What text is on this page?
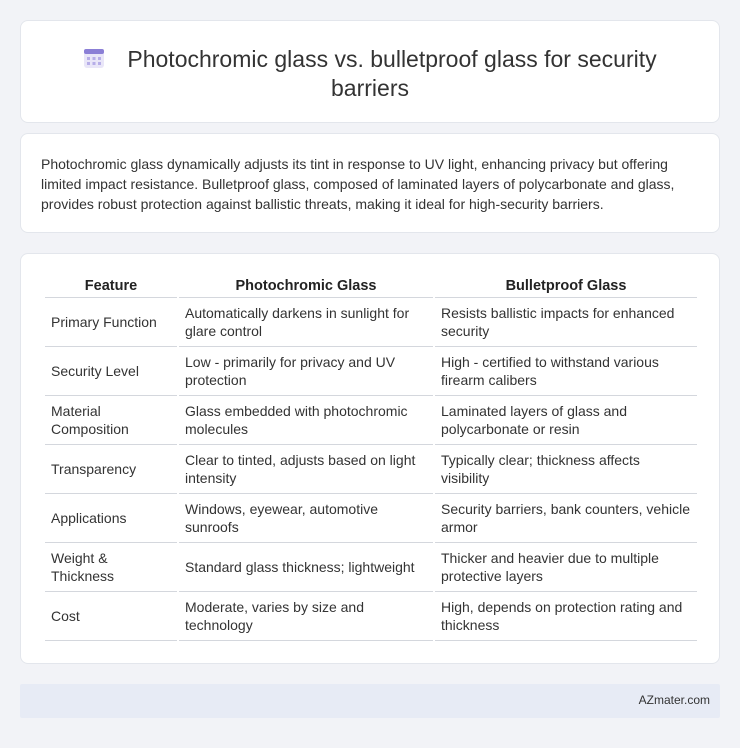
Photochromic glass vs. bulletproof glass for security barriers

Photochromic glass dynamically adjusts its tint in response to UV light, enhancing privacy but offering limited impact resistance. Bulletproof glass, composed of laminated layers of polycarbonate and glass, provides robust protection against ballistic threats, making it ideal for high-security barriers.

Feature	Photochromic Glass	Bulletproof Glass
Primary Function	Automatically darkens in sunlight for glare control	Resists ballistic impacts for enhanced security
Security Level	Low - primarily for privacy and UV protection	High - certified to withstand various firearm calibers
Material Composition	Glass embedded with photochromic molecules	Laminated layers of glass and polycarbonate or resin
Transparency	Clear to tinted, adjusts based on light intensity	Typically clear; thickness affects visibility
Applications	Windows, eyewear, automotive sunroofs	Security barriers, bank counters, vehicle armor
Weight & Thickness	Standard glass thickness; lightweight	Thicker and heavier due to multiple protective layers
Cost	Moderate, varies by size and technology	High, depends on protection rating and thickness
AZmater.com
